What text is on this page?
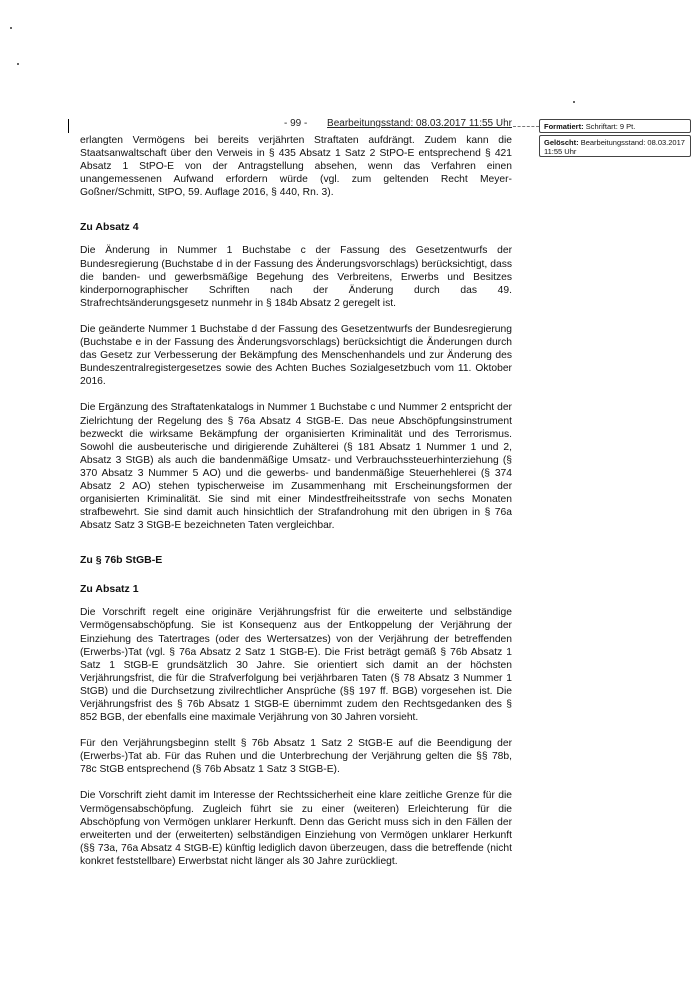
- 99 - Bearbeitungsstand: 08.03.2017 11:55 Uhr	Formatiert: Schriftart: 9 Pt.
Gelöscht: Bearbeitungsstand: 08.03.2017 11:55 Uhr

erlangten Vermögens bei bereits verjährten Straftaten aufdrängt. Zudem kann die Staatsanwaltschaft über den Verweis in § 435 Absatz 1 Satz 2 StPO-E entsprechend § 421 Absatz 1 StPO-E von der Antragstellung absehen, wenn das Verfahren einen unangemessenen Aufwand erfordern würde (vgl. zum geltenden Recht Meyer-Goßner/Schmitt, StPO, 59. Auflage 2016, § 440, Rn. 3).

Zu Absatz 4

Die Änderung in Nummer 1 Buchstabe c der Fassung des Gesetzentwurfs der Bundesregierung (Buchstabe d in der Fassung des Änderungsvorschlags) berücksichtigt, dass die banden- und gewerbsmäßige Begehung des Verbreitens, Erwerbs und Besitzes kinderpornographischer Schriften nach der Änderung durch das 49. Strafrechtsänderungsgesetz nunmehr in § 184b Absatz 2 geregelt ist.

Die geänderte Nummer 1 Buchstabe d der Fassung des Gesetzentwurfs der Bundesregierung (Buchstabe e in der Fassung des Änderungsvorschlags) berücksichtigt die Änderungen durch das Gesetz zur Verbesserung der Bekämpfung des Menschenhandels und zur Änderung des Bundeszentralregistergesetzes sowie des Achten Buches Sozialgesetzbuch vom 11. Oktober 2016.

Die Ergänzung des Straftatenkatalogs in Nummer 1 Buchstabe c und Nummer 2 entspricht der Zielrichtung der Regelung des § 76a Absatz 4 StGB-E. Das neue Abschöpfungsinstrument bezweckt die wirksame Bekämpfung der organisierten Kriminalität und des Terrorismus. Sowohl die ausbeuterische und dirigierende Zuhälterei (§ 181 Absatz 1 Nummer 1 und 2, Absatz 3 StGB) als auch die bandenmäßige Umsatz- und Verbrauchssteuerhinterziehung (§ 370 Absatz 3 Nummer 5 AO) und die gewerbs- und bandenmäßige Steuerhehlerei (§ 374 Absatz 2 AO) stehen typischerweise im Zusammenhang mit Erscheinungsformen der organisierten Kriminalität. Sie sind mit einer Mindestfreiheitsstrafe von sechs Monaten strafbewehrt. Sie sind damit auch hinsichtlich der Strafandrohung mit den übrigen in § 76a Absatz Satz 3 StGB-E bezeichneten Taten vergleichbar.

Zu § 76b StGB-E
Zu Absatz 1

Die Vorschrift regelt eine originäre Verjährungsfrist für die erweiterte und selbständige Vermögensabschöpfung. Sie ist Konsequenz aus der Entkoppelung der Verjährung der Einziehung des Tatertrages (oder des Wertersatzes) von der Verjährung der betreffenden (Erwerbs-)Tat (vgl. § 76a Absatz 2 Satz 1 StGB-E). Die Frist beträgt gemäß § 76b Absatz 1 Satz 1 StGB-E grundsätzlich 30 Jahre. Sie orientiert sich damit an der höchsten Verjährungsfrist, die für die Strafverfolgung bei verjährbaren Taten (§ 78 Absatz 3 Nummer 1 StGB) und die Durchsetzung zivilrechtlicher Ansprüche (§§ 197 ff. BGB) vorgesehen ist. Die Verjährungsfrist des § 76b Absatz 1 StGB-E übernimmt zudem den Rechtsgedanken des § 852 BGB, der ebenfalls eine maximale Verjährung von 30 Jahren vorsieht.

Für den Verjährungsbeginn stellt § 76b Absatz 1 Satz 2 StGB-E auf die Beendigung der (Erwerbs-)Tat ab. Für das Ruhen und die Unterbrechung der Verjährung gelten die §§ 78b, 78c StGB entsprechend (§ 76b Absatz 1 Satz 3 StGB-E).

Die Vorschrift zieht damit im Interesse der Rechtssicherheit eine klare zeitliche Grenze für die Vermögensabschöpfung. Zugleich führt sie zu einer (weiteren) Erleichterung für die Abschöpfung von Vermögen unklarer Herkunft. Denn das Gericht muss sich in den Fällen der erweiterten und der (erweiterten) selbständigen Einziehung von Vermögen unklarer Herkunft (§§ 73a, 76a Absatz 4 StGB-E) künftig lediglich davon überzeugen, dass die betreffende (nicht konkret feststellbare) Erwerbstat nicht länger als 30 Jahre zurückliegt.
